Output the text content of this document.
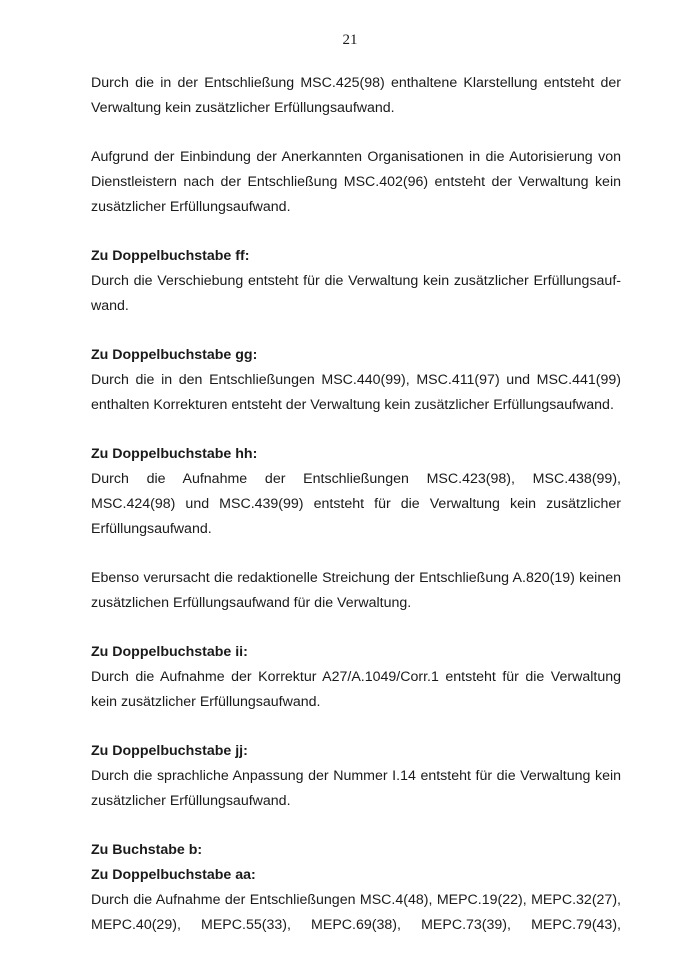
21

Durch die in der Entschließung MSC.425(98) enthaltene Klarstellung entsteht der Verwaltung kein zusätzlicher Erfüllungsaufwand.

Aufgrund der Einbindung der Anerkannten Organisationen in die Autorisierung von Dienstleistern nach der Entschließung MSC.402(96) entsteht der Verwaltung kein zusätzlicher Erfüllungsaufwand.

Zu Doppelbuchstabe ff:

Durch die Verschiebung entsteht für die Verwaltung kein zusätzlicher Erfüllungsauf-wand.

Zu Doppelbuchstabe gg:

Durch die in den Entschließungen MSC.440(99), MSC.411(97) und MSC.441(99) enthalten Korrekturen entsteht der Verwaltung kein zusätzlicher Erfüllungsaufwand.

Zu Doppelbuchstabe hh:

Durch die Aufnahme der Entschließungen MSC.423(98), MSC.438(99), MSC.424(98) und MSC.439(99) entsteht für die Verwaltung kein zusätzlicher Erfüllungsaufwand.

Ebenso verursacht die redaktionelle Streichung der Entschließung A.820(19) keinen zusätzlichen Erfüllungsaufwand für die Verwaltung.

Zu Doppelbuchstabe ii:

Durch die Aufnahme der Korrektur A27/A.1049/Corr.1 entsteht für die Verwaltung kein zusätzlicher Erfüllungsaufwand.

Zu Doppelbuchstabe jj:

Durch die sprachliche Anpassung der Nummer I.14 entsteht für die Verwaltung kein zusätzlicher Erfüllungsaufwand.

Zu Buchstabe b:

Zu Doppelbuchstabe aa:

Durch die Aufnahme der Entschließungen MSC.4(48), MEPC.19(22), MEPC.32(27), MEPC.40(29), MEPC.55(33), MEPC.69(38), MEPC.73(39), MEPC.79(43),
